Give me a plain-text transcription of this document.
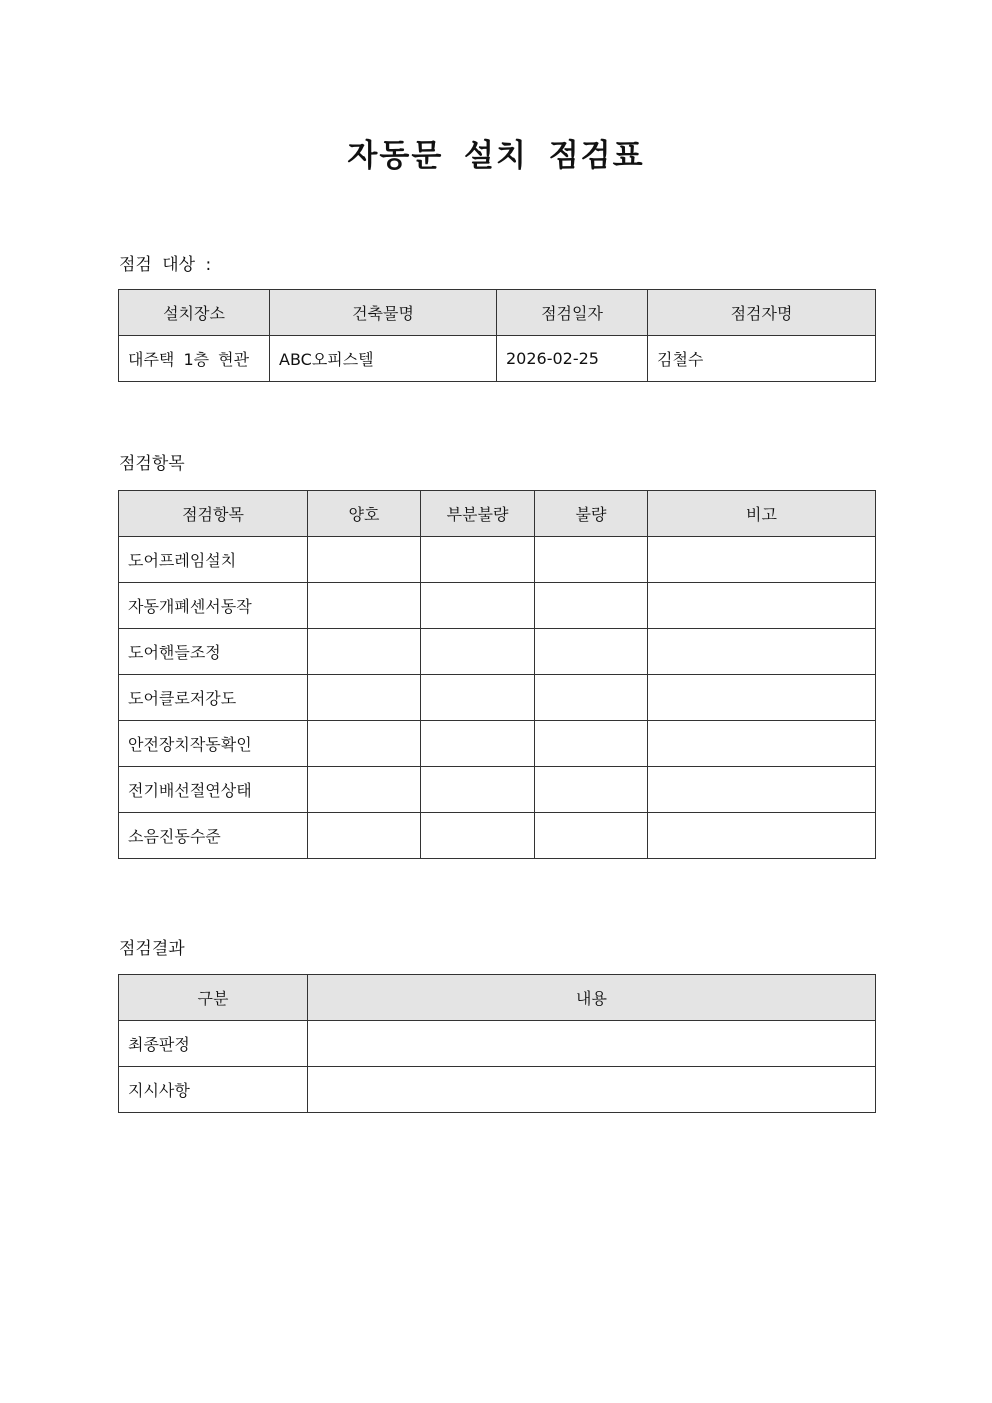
자동문 설치 점검표
점검 대상 :
설치장소	건축물명	점검일자	점검자명
대주택 1층 현관	ABC오피스텔	2026-02-25	김철수
점검항목
점검항목	양호	부분불량	불량	비고
도어프레임설치				
자동개폐센서동작				
도어핸들조정				
도어클로저강도				
안전장치작동확인				
전기배선절연상태				
소음진동수준				
점검결과
구분	내용
최종판정	
지시사항	
